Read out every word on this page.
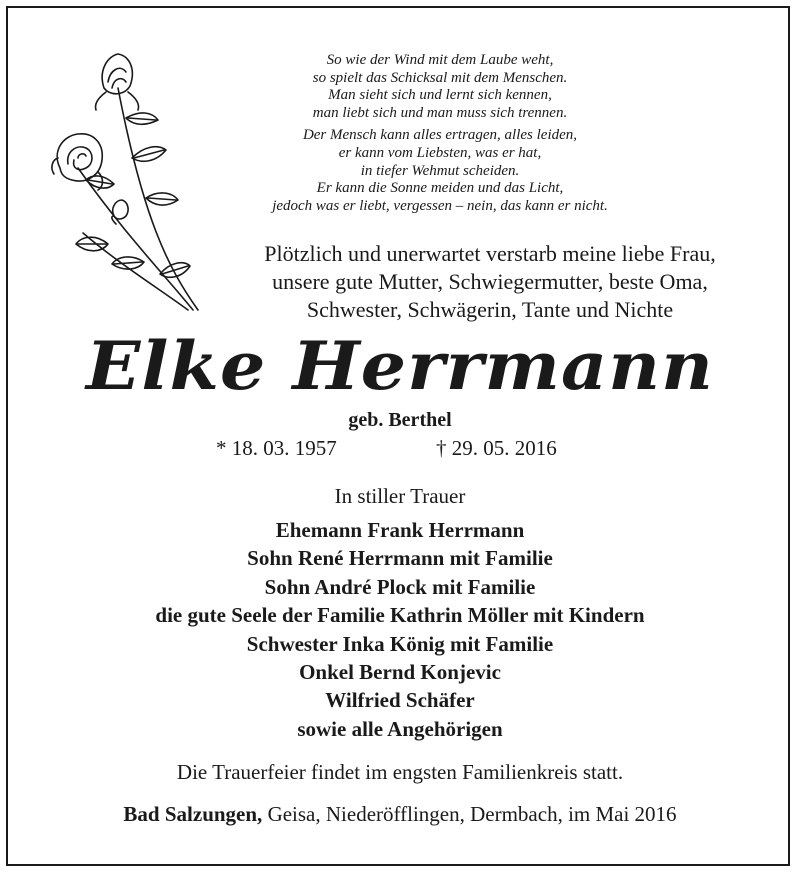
So wie der Wind mit dem Laube weht,
so spielt das Schicksal mit dem Menschen.
Man sieht sich und lernt sich kennen,
man liebt sich und man muss sich trennen.
Der Mensch kann alles ertragen, alles leiden,
er kann vom Liebsten, was er hat,
in tiefer Wehmut scheiden.
Er kann die Sonne meiden und das Licht,
jedoch was er liebt, vergessen – nein, das kann er nicht.
Plötzlich und unerwartet verstarb meine liebe Frau,
unsere gute Mutter, Schwiegermutter, beste Oma,
Schwester, Schwägerin, Tante und Nichte
Elke Herrmann
geb. Berthel
* 18. 03. 1957	† 29. 05. 2016
In stiller Trauer
Ehemann Frank Herrmann
Sohn René Herrmann mit Familie
Sohn André Plock mit Familie
die gute Seele der Familie Kathrin Möller mit Kindern
Schwester Inka König mit Familie
Onkel Bernd Konjevic
Wilfried Schäfer
sowie alle Angehörigen
Die Trauerfeier findet im engsten Familienkreis statt.
Bad Salzungen, Geisa, Niederöfflingen, Dermbach, im Mai 2016
